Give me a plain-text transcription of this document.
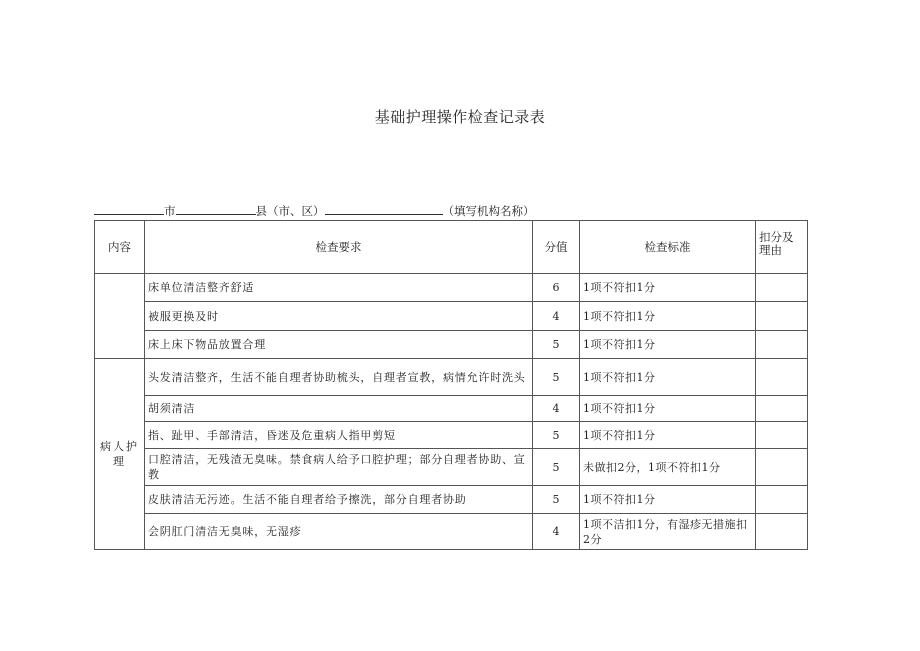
基础护理操作检查记录表
市	县（市、区）	（填写机构名称）
内容	检查要求	分值	检查标准	扣分及理由
	床单位清洁整齐舒适	6	1项不符扣1分	
	被服更换及时	4	1项不符扣1分	
	床上床下物品放置合理	5	1项不符扣1分	
病人护理	头发清洁整齐，生活不能自理者协助梳头，自理者宣教，病情允许时洗头	5	1项不符扣1分	
	胡须清洁	4	1项不符扣1分	
	指、趾甲、手部清洁，昏迷及危重病人指甲剪短	5	1项不符扣1分	
	口腔清洁，无残渣无臭味。禁食病人给予口腔护理；部分自理者协助、宣教	5	未做扣2分，1项不符扣1分	
	皮肤清洁无污迹。生活不能自理者给予擦洗，部分自理者协助	5	1项不符扣1分	
	会阴肛门清洁无臭味，无湿疹	4	1项不洁扣1分，有湿疹无措施扣2分	
